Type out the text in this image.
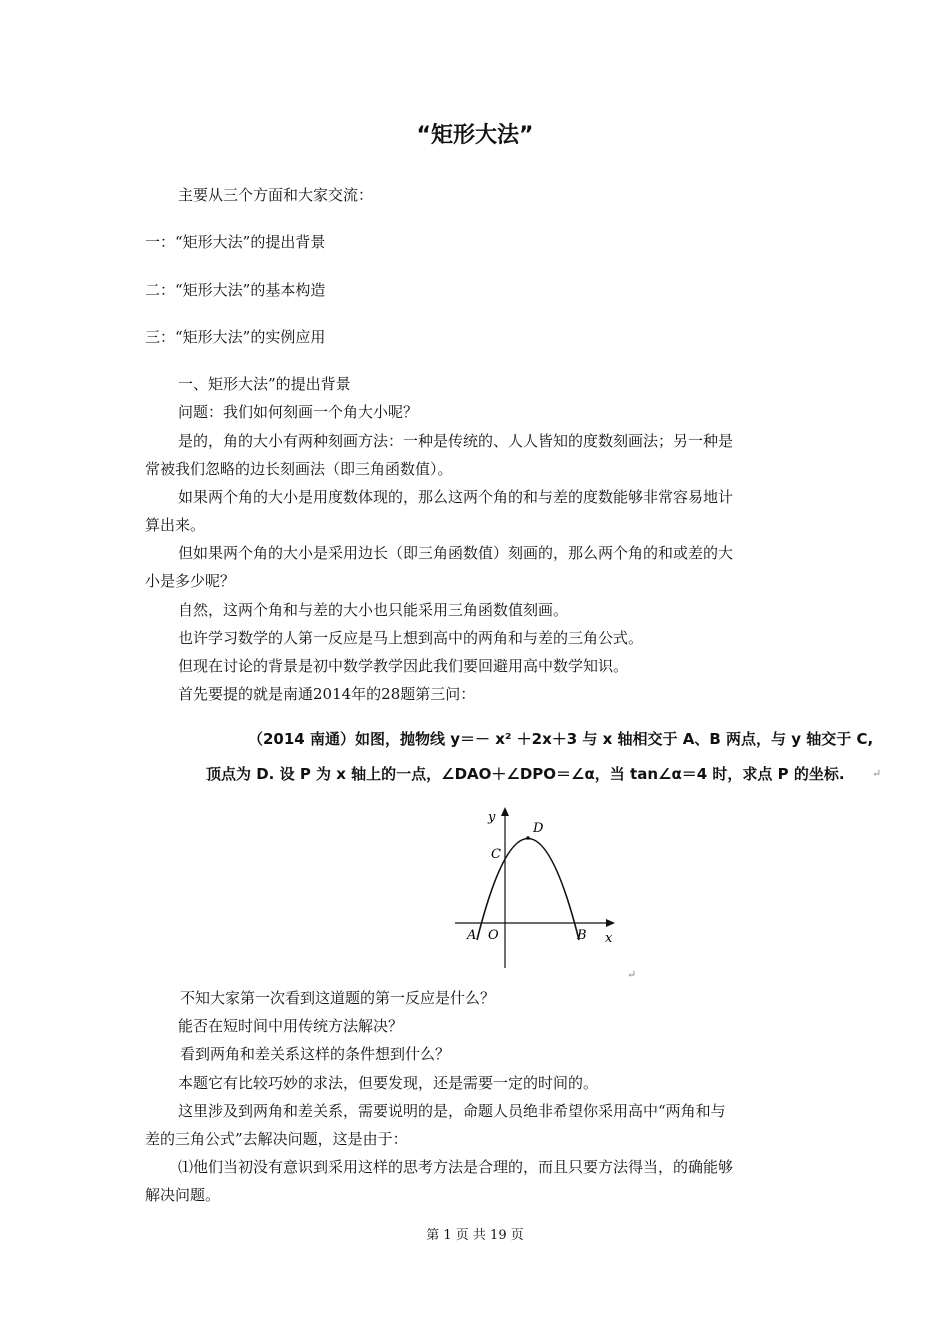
“矩形大法”
主要从三个方面和大家交流：
一：“矩形大法”的提出背景
二：“矩形大法”的基本构造
三：“矩形大法”的实例应用
一、矩形大法”的提出背景
问题：我们如何刻画一个角大小呢？
是的，角的大小有两种刻画方法：一种是传统的、人人皆知的度数刻画法；另一种是
常被我们忽略的边长刻画法（即三角函数值）。
如果两个角的大小是用度数体现的，那么这两个角的和与差的度数能够非常容易地计
算出来。
但如果两个角的大小是采用边长（即三角函数值）刻画的，那么两个角的和或差的大
小是多少呢？
自然，这两个角和与差的大小也只能采用三角函数值刻画。
也许学习数学的人第一反应是马上想到高中的两角和与差的三角公式。
但现在讨论的背景是初中数学教学因此我们要回避用高中数学知识。
首先要提的就是南通2014年的28题第三问：
（2014 南通）如图，抛物线 y＝－ x² ＋2x＋3 与 x 轴相交于 A、B 两点，与 y 轴交于 C,
顶点为 D. 设 P 为 x 轴上的一点，∠DAO＋∠DPO＝∠α，当 tan∠α＝4 时，求点 P 的坐标. ↵
y
x
D
C
A O	B
↵
不知大家第一次看到这道题的第一反应是什么？
能否在短时间中用传统方法解决？
看到两角和差关系这样的条件想到什么？
本题它有比较巧妙的求法，但要发现，还是需要一定的时间的。
这里涉及到两角和差关系，需要说明的是，命题人员绝非希望你采用高中“两角和与
差的三角公式”去解决问题，这是由于：
⑴他们当初没有意识到采用这样的思考方法是合理的，而且只要方法得当，的确能够
解决问题。
第 1 页 共 19 页
